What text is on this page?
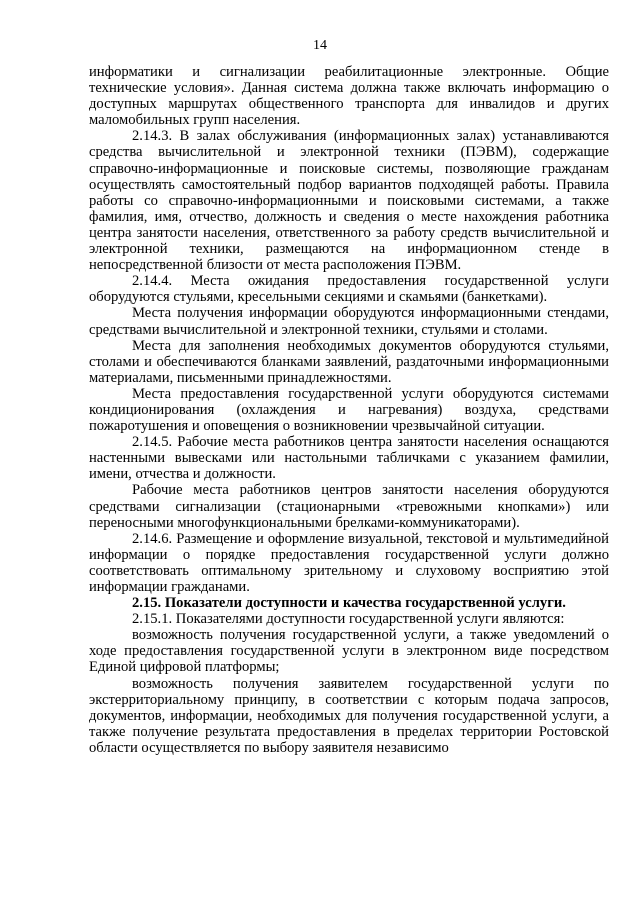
14

информатики и сигнализации реабилитационные электронные. Общие технические условия». Данная система должна также включать информацию о доступных маршрутах общественного транспорта для инвалидов и других маломобильных групп населения.

2.14.3. В залах обслуживания (информационных залах) устанавливаются средства вычислительной и электронной техники (ПЭВМ), содержащие справочно-информационные и поисковые системы, позволяющие гражданам осуществлять самостоятельный подбор вариантов подходящей работы. Правила работы со справочно-информационными и поисковыми системами, а также фамилия, имя, отчество, должность и сведения о месте нахождения работника центра занятости населения, ответственного за работу средств вычислительной и электронной техники, размещаются на информационном стенде в непосредственной близости от места расположения ПЭВМ.

2.14.4. Места ожидания предоставления государственной услуги оборудуются стульями, кресельными секциями и скамьями (банкетками).

Места получения информации оборудуются информационными стендами, средствами вычислительной и электронной техники, стульями и столами.

Места для заполнения необходимых документов оборудуются стульями, столами и обеспечиваются бланками заявлений, раздаточными информационными материалами, письменными принадлежностями.

Места предоставления государственной услуги оборудуются системами кондиционирования (охлаждения и нагревания) воздуха, средствами пожаротушения и оповещения о возникновении чрезвычайной ситуации.

2.14.5. Рабочие места работников центра занятости населения оснащаются настенными вывесками или настольными табличками с указанием фамилии, имени, отчества и должности.

Рабочие места работников центров занятости населения оборудуются средствами сигнализации (стационарными «тревожными кнопками») или переносными многофункциональными брелками-коммуникаторами).

2.14.6. Размещение и оформление визуальной, текстовой и мультимедийной информации о порядке предоставления государственной услуги должно соответствовать оптимальному зрительному и слуховому восприятию этой информации гражданами.

2.15. Показатели доступности и качества государственной услуги.

2.15.1. Показателями доступности государственной услуги являются:

возможность получения государственной услуги, а также уведомлений о ходе предоставления государственной услуги в электронном виде посредством Единой цифровой платформы;

возможность получения заявителем государственной услуги по экстерриториальному принципу, в соответствии с которым подача запросов, документов, информации, необходимых для получения государственной услуги, а также получение результата предоставления в пределах территории Ростовской области осуществляется по выбору заявителя независимо
